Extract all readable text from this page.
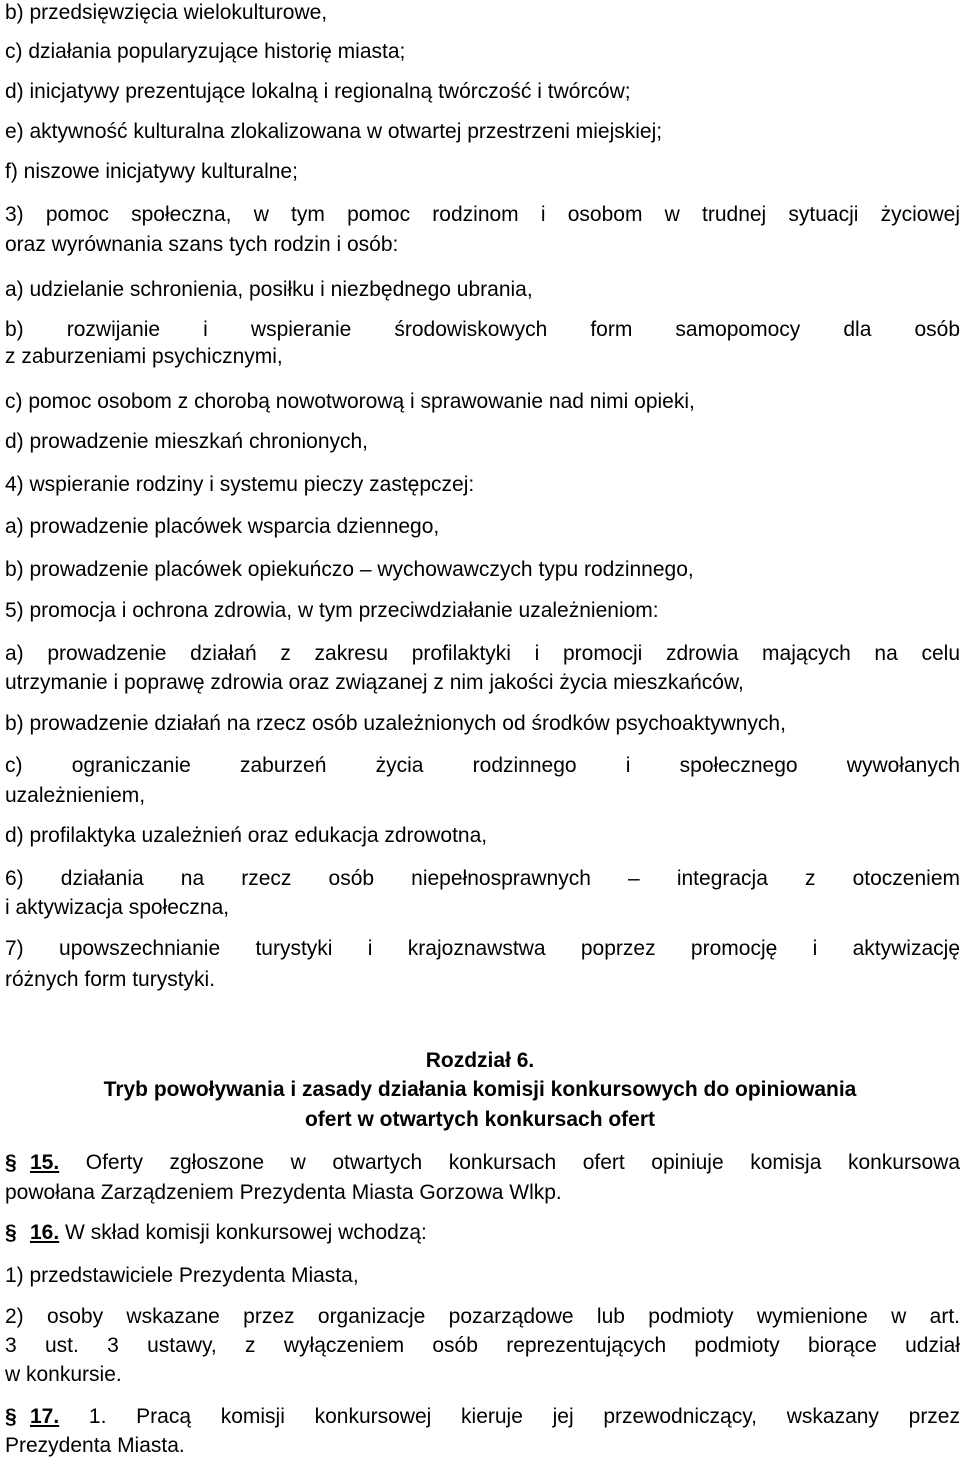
b) przedsięwzięcia wielokulturowe,
c) działania popularyzujące historię miasta;
d) inicjatywy prezentujące lokalną i regionalną twórczość i twórców;
e) aktywność kulturalna zlokalizowana w otwartej przestrzeni miejskiej;
f) niszowe inicjatywy kulturalne;
3) pomoc społeczna, w tym pomoc rodzinom i osobom w trudnej sytuacji życiowej
oraz wyrównania szans tych rodzin i osób:
a) udzielanie schronienia, posiłku i niezbędnego ubrania,
b) rozwijanie i wspieranie środowiskowych form samopomocy dla osób
z zaburzeniami psychicznymi,
c) pomoc osobom z chorobą nowotworową i sprawowanie nad nimi opieki,
d) prowadzenie mieszkań chronionych,
4) wspieranie rodziny i systemu pieczy zastępczej:
a) prowadzenie placówek wsparcia dziennego,
b) prowadzenie placówek opiekuńczo – wychowawczych typu rodzinnego,
5) promocja i ochrona zdrowia, w tym przeciwdziałanie uzależnieniom:
a) prowadzenie działań z zakresu profilaktyki i promocji zdrowia mających na celu
utrzymanie i poprawę zdrowia oraz związanej z nim jakości życia mieszkańców,
b) prowadzenie działań na rzecz osób uzależnionych od środków psychoaktywnych,
c) ograniczanie zaburzeń życia rodzinnego i społecznego wywołanych
uzależnieniem,
d) profilaktyka uzależnień oraz edukacja zdrowotna,
6) działania na rzecz osób niepełnosprawnych – integracja z otoczeniem
i aktywizacja społeczna,
7) upowszechnianie turystyki i krajoznawstwa poprzez promocję i aktywizację
różnych form turystyki.
Rozdział 6.
Tryb powoływania i zasady działania komisji konkursowych do opiniowania
ofert w otwartych konkursach ofert
15. Oferty zgłoszone w otwartych konkursach ofert opiniuje komisja konkursowa
powołana Zarządzeniem Prezydenta Miasta Gorzowa Wlkp.
16. W skład komisji konkursowej wchodzą:
1) przedstawiciele Prezydenta Miasta,
2) osoby wskazane przez organizacje pozarządowe lub podmioty wymienione w art.
3 ust. 3 ustawy, z wyłączeniem osób reprezentujących podmioty biorące udział
w konkursie.
17. 1. Pracą komisji konkursowej kieruje jej przewodniczący, wskazany przez
Prezydenta Miasta.
§
§
§
